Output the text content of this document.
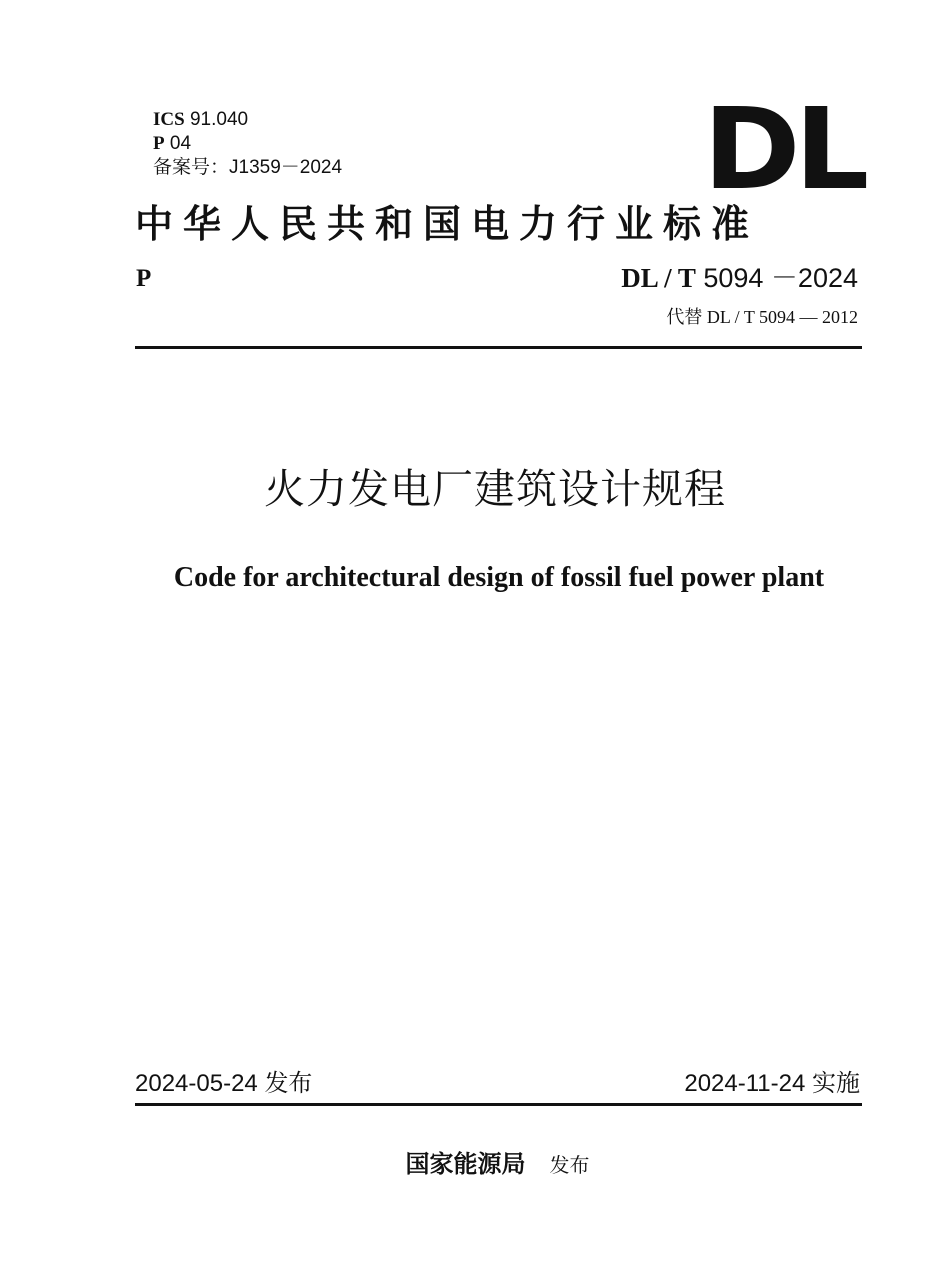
ICS 91.040
P 04
备案号：J1359－2024	DL
中华人民共和国电力行业标准
P	DL / T 5094 －2024
代替 DL / T 5094 — 2012
火力发电厂建筑设计规程
Code for architectural design of fossil fuel power plant
2024-05-24 发布	2024-11-24 实施
国家能源局 发布
